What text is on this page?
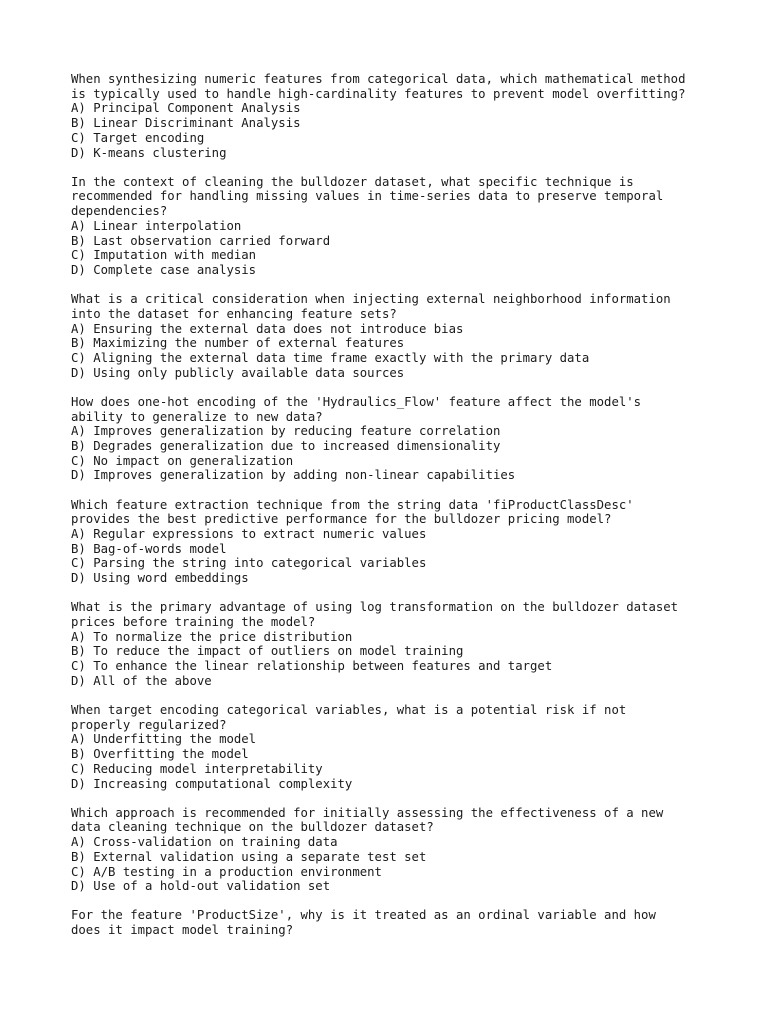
When synthesizing numeric features from categorical data, which mathematical method
is typically used to handle high-cardinality features to prevent model overfitting?
A) Principal Component Analysis
B) Linear Discriminant Analysis
C) Target encoding
D) K-means clustering
In the context of cleaning the bulldozer dataset, what specific technique is
recommended for handling missing values in time-series data to preserve temporal
dependencies?
A) Linear interpolation
B) Last observation carried forward
C) Imputation with median
D) Complete case analysis
What is a critical consideration when injecting external neighborhood information
into the dataset for enhancing feature sets?
A) Ensuring the external data does not introduce bias
B) Maximizing the number of external features
C) Aligning the external data time frame exactly with the primary data
D) Using only publicly available data sources
How does one-hot encoding of the 'Hydraulics_Flow' feature affect the model's
ability to generalize to new data?
A) Improves generalization by reducing feature correlation
B) Degrades generalization due to increased dimensionality
C) No impact on generalization
D) Improves generalization by adding non-linear capabilities
Which feature extraction technique from the string data 'fiProductClassDesc'
provides the best predictive performance for the bulldozer pricing model?
A) Regular expressions to extract numeric values
B) Bag-of-words model
C) Parsing the string into categorical variables
D) Using word embeddings
What is the primary advantage of using log transformation on the bulldozer dataset
prices before training the model?
A) To normalize the price distribution
B) To reduce the impact of outliers on model training
C) To enhance the linear relationship between features and target
D) All of the above
When target encoding categorical variables, what is a potential risk if not
properly regularized?
A) Underfitting the model
B) Overfitting the model
C) Reducing model interpretability
D) Increasing computational complexity
Which approach is recommended for initially assessing the effectiveness of a new
data cleaning technique on the bulldozer dataset?
A) Cross-validation on training data
B) External validation using a separate test set
C) A/B testing in a production environment
D) Use of a hold-out validation set
For the feature 'ProductSize', why is it treated as an ordinal variable and how
does it impact model training?
